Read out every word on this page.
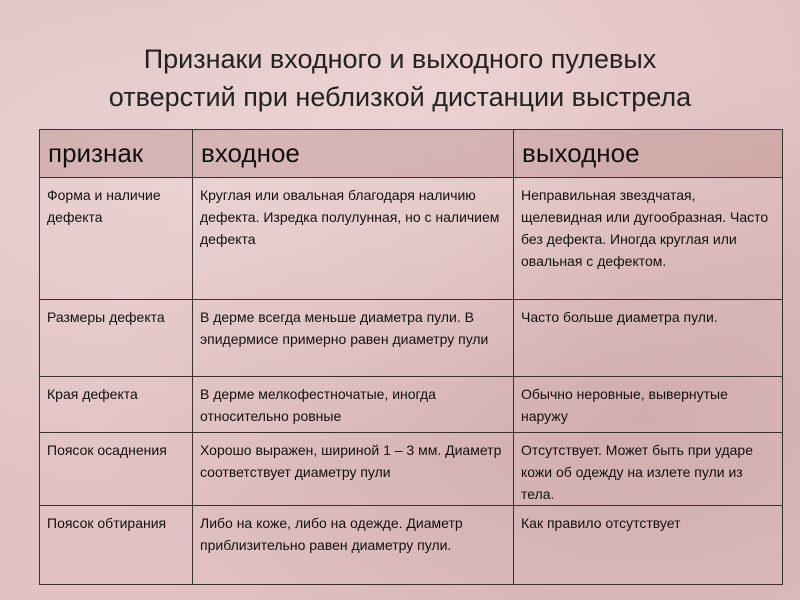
Признаки входного и выходного пулевых
отверстий при неблизкой дистанции выстрела
признак	входное	выходное
Форма и наличие дефекта	Круглая или овальная благодаря наличию дефекта. Изредка полулунная, но с наличием дефекта	Неправильная звездчатая, щелевидная или дугообразная. Часто без дефекта. Иногда круглая или овальная с дефектом.
Размеры дефекта	В дерме всегда меньше диаметра пули. В эпидермисе примерно равен диаметру пули	Часто больше диаметра пули.
Края дефекта	В дерме мелкофестночатые, иногда относительно ровные	Обычно неровные, вывернутые наружу
Поясок осаднения	Хорошо выражен, шириной 1 – 3 мм. Диаметр соответствует диаметру пули	Отсутствует. Может быть при ударе кожи об одежду на излете пули из тела.
Поясок обтирания	Либо на коже, либо на одежде. Диаметр приблизительно равен диаметру пули.	Как правило отсутствует
